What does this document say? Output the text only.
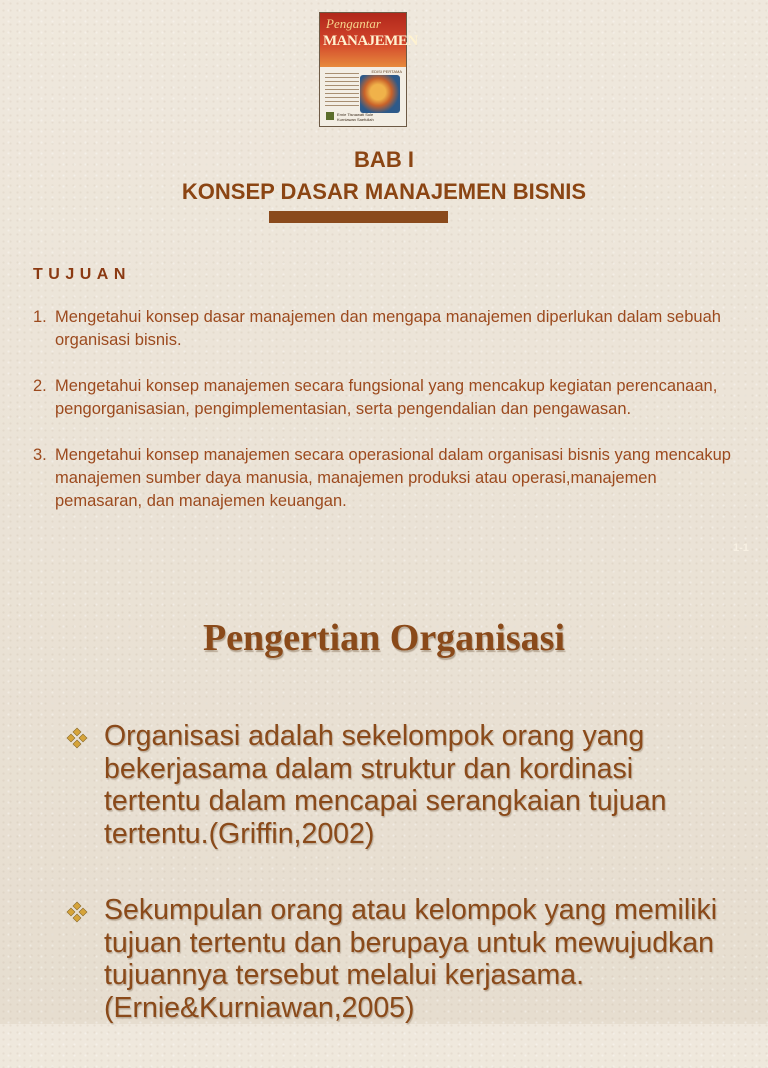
Pengantar
MANAJEMEN
EDISI PERTAMA
Ernie Tisnawati Sule
Kurniawan Saefullah
BAB I
KONSEP DASAR MANAJEMEN BISNIS
TUJUAN
1. Mengetahui konsep dasar manajemen dan mengapa manajemen diperlukan dalam sebuah organisasi bisnis.
2. Mengetahui konsep manajemen secara fungsional yang mencakup kegiatan perencanaan, pengorganisasian, pengimplementasian, serta pengendalian dan pengawasan.
3. Mengetahui konsep manajemen secara operasional dalam organisasi bisnis yang mencakup manajemen sumber daya manusia, manajemen produksi atau operasi,manajemen pemasaran, dan manajemen keuangan.
1-1
Pengertian Organisasi
Organisasi adalah sekelompok orang yang bekerjasama dalam struktur dan kordinasi tertentu dalam mencapai serangkaian tujuan tertentu.(Griffin,2002)
Sekumpulan orang atau kelompok yang memiliki tujuan tertentu dan berupaya untuk mewujudkan tujuannya tersebut melalui kerjasama. (Ernie&Kurniawan,2005)
